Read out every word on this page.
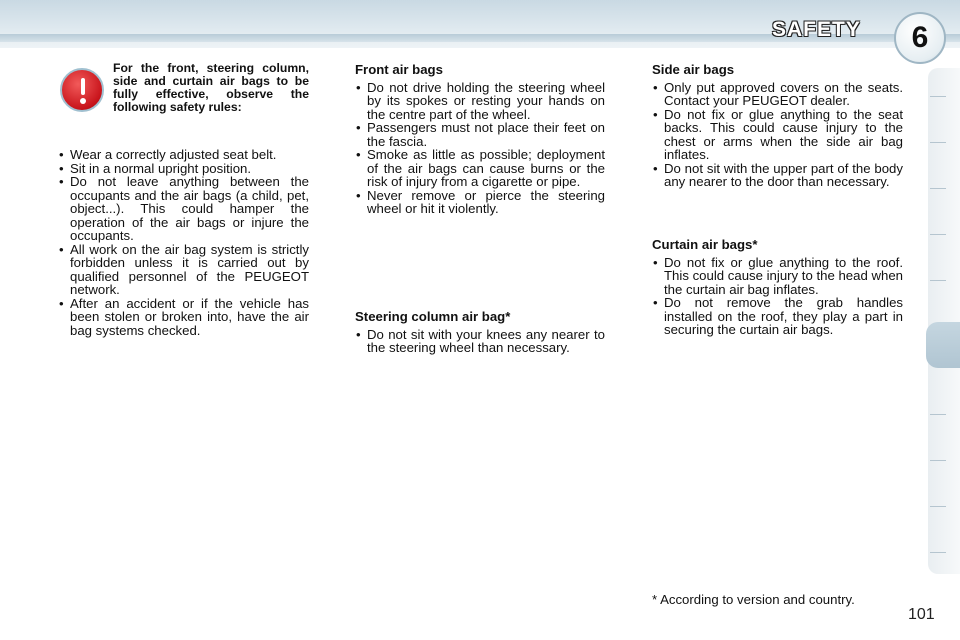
SAFETY	6
For the front, steering column, side and curtain air bags to be fully effective, observe the following safety rules:
• Wear a correctly adjusted seat belt.
• Sit in a normal upright position.
• Do not leave anything between the occupants and the air bags (a child, pet, object...). This could hamper the operation of the air bags or injure the occupants.
• All work on the air bag system is strictly forbidden unless it is carried out by qualified personnel of the PEUGEOT network.
• After an accident or if the vehicle has been stolen or broken into, have the air bag systems checked.
Front air bags
• Do not drive holding the steering wheel by its spokes or resting your hands on the centre part of the wheel.
• Passengers must not place their feet on the fascia.
• Smoke as little as possible; deployment of the air bags can cause burns or the risk of injury from a cigarette or pipe.
• Never remove or pierce the steering wheel or hit it violently.
Steering column air bag*
• Do not sit with your knees any nearer to the steering wheel than necessary.
Side air bags
• Only put approved covers on the seats. Contact your PEUGEOT dealer.
• Do not fix or glue anything to the seat backs. This could cause injury to the chest or arms when the side air bag inflates.
• Do not sit with the upper part of the body any nearer to the door than necessary.
Curtain air bags*
• Do not fix or glue anything to the roof. This could cause injury to the head when the curtain air bag inflates.
• Do not remove the grab handles installed on the roof, they play a part in securing the curtain air bags.
* According to version and country.
101
